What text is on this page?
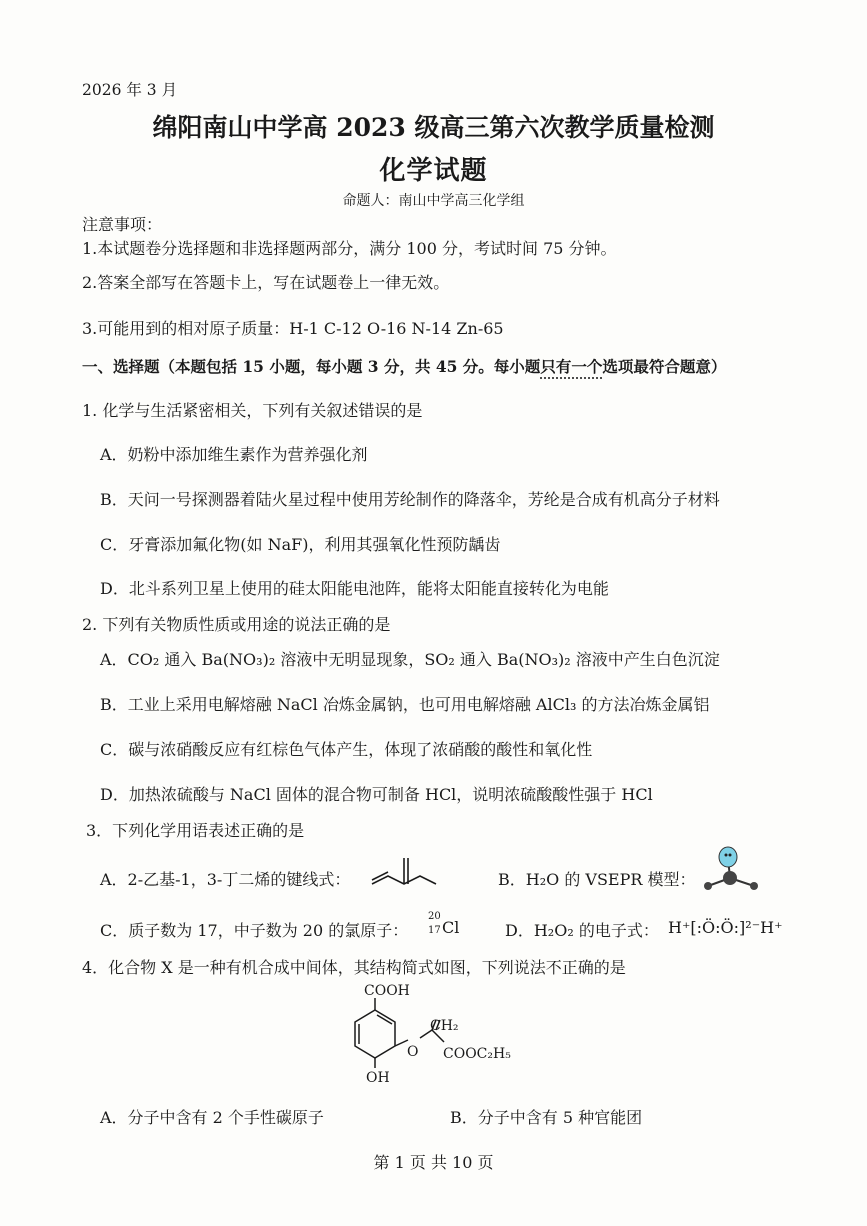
2026 年 3 月
绵阳南山中学高 2023 级高三第六次教学质量检测
化学试题
命题人：南山中学高三化学组
注意事项：
1.本试题卷分选择题和非选择题两部分，满分 100 分，考试时间 75 分钟。
2.答案全部写在答题卡上，写在试题卷上一律无效。
3.可能用到的相对原子质量：H-1 C-12 O-16 N-14 Zn-65
一、选择题（本题包括 15 小题，每小题 3 分，共 45 分。每小题只有一个选项最符合题意）
1. 化学与生活紧密相关，下列有关叙述错误的是
A．奶粉中添加维生素作为营养强化剂
B．天问一号探测器着陆火星过程中使用芳纶制作的降落伞，芳纶是合成有机高分子材料
C．牙膏添加氟化物(如 NaF)，利用其强氧化性预防龋齿
D．北斗系列卫星上使用的硅太阳能电池阵，能将太阳能直接转化为电能
2. 下列有关物质性质或用途的说法正确的是
A．CO₂ 通入 Ba(NO₃)₂ 溶液中无明显现象，SO₂ 通入 Ba(NO₃)₂ 溶液中产生白色沉淀
B．工业上采用电解熔融 NaCl 冶炼金属钠，也可用电解熔融 AlCl₃ 的方法冶炼金属铝
C．碳与浓硝酸反应有红棕色气体产生，体现了浓硝酸的酸性和氧化性
D．加热浓硫酸与 NaCl 固体的混合物可制备 HCl，说明浓硫酸酸性强于 HCl
3．下列化学用语表述正确的是
A．2-乙基-1，3-丁二烯的键线式：	B．H₂O 的 VSEPR 模型：
C．质子数为 17，中子数为 20 的氯原子：
20
17 Cl	D．H₂O₂ 的电子式： H⁺[:Ö:Ö:]²⁻H⁺
4．化合物 X 是一种有机合成中间体，其结构简式如图，下列说法不正确的是
COOH
CH₂
O COOC₂H₅
OH
A．分子中含有 2 个手性碳原子	B．分子中含有 5 种官能团
第 1 页 共 10 页
